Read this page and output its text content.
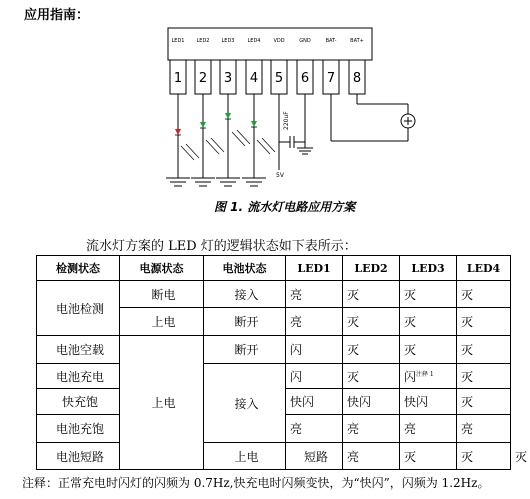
应用指南：
LED1 LED2 LED3	LED4	VDD	GND	BAT-	BAT+
1 2 3 4 5 6 7 8
220uF
5V
图 1. 流水灯电路应用方案
流水灯方案的 LED 灯的逻辑状态如下表所示：
检测状态	电源状态	电池状态	LED1	LED2	LED3	LED4	
电池检测	断电	接入	亮	灭	灭	灭	
	上电	断开	亮	灭	灭	灭	
电池空载	上电	断开	闪	灭	灭	灭	
电池充电		接入	闪	灭	闪$^{注释 1}$	灭	
快充饱			快闪	快闪	快闪	灭	
电池充饱			亮	亮	亮	亮	
电池短路		上电	短路	亮	灭	灭	灭
注释：正常充电时闪灯的闪频为 0.7Hz,快充电时闪频变快，为“快闪”，闪频为 1.2Hz。
